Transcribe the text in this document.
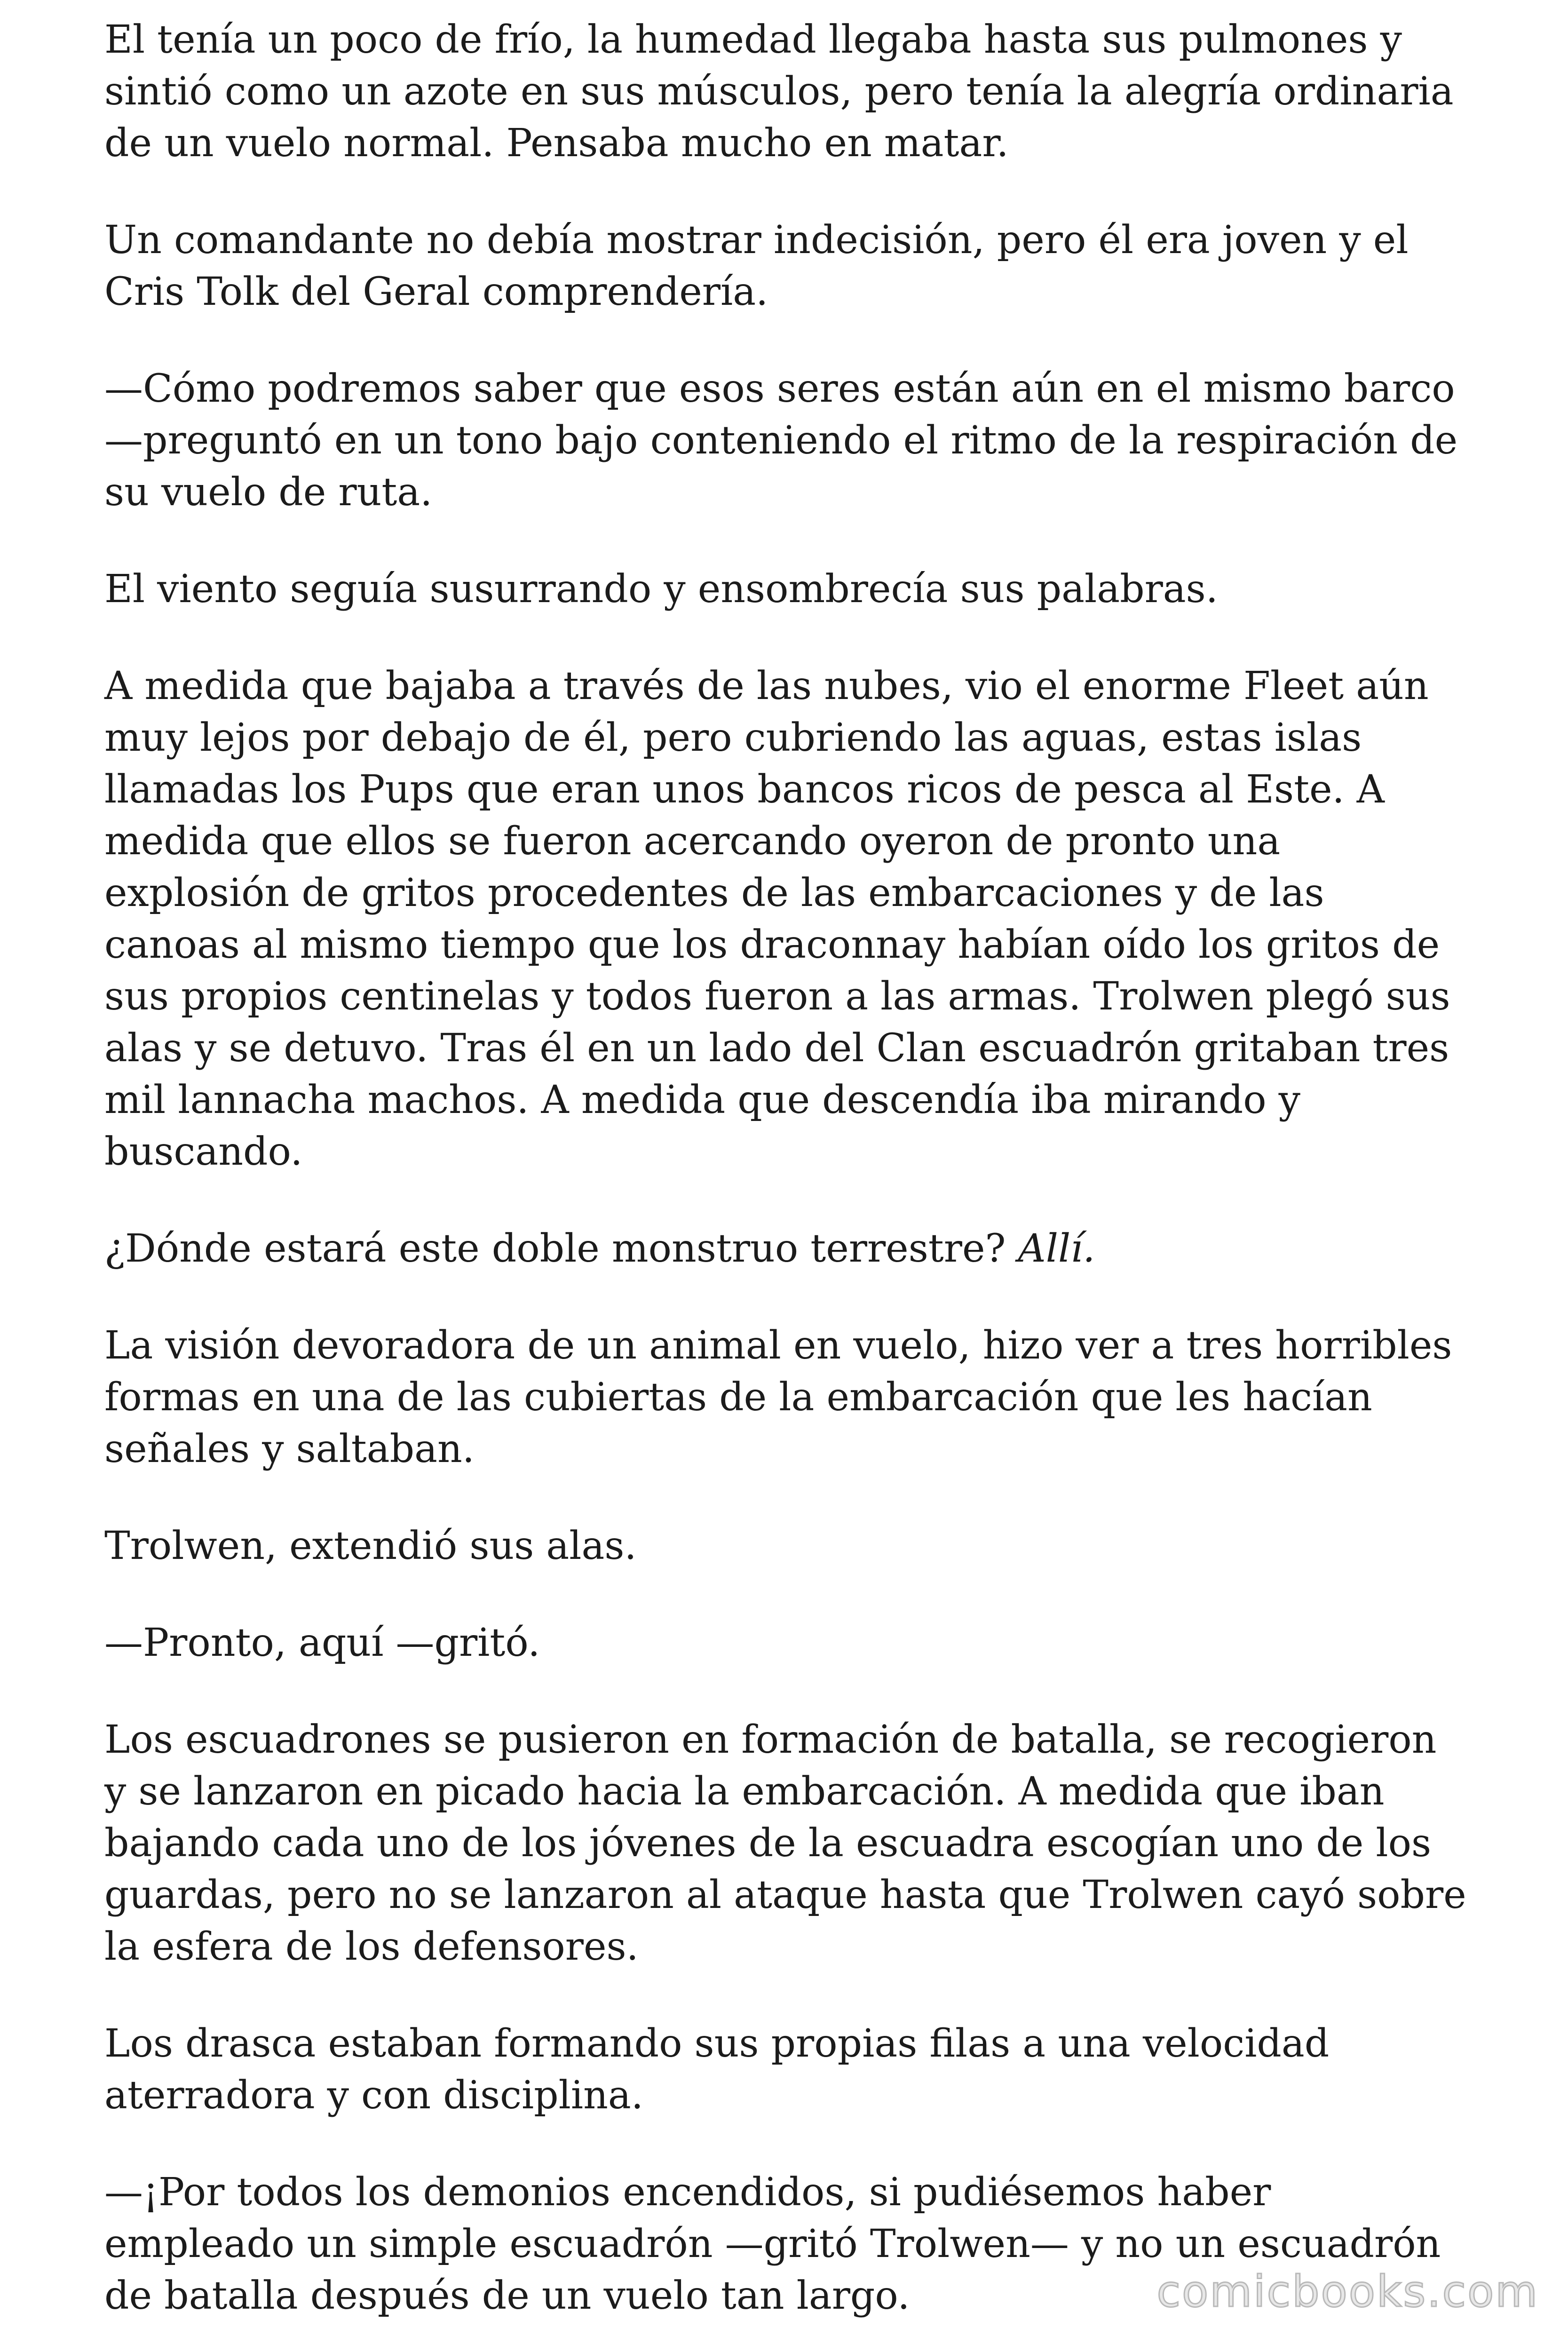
El tenía un poco de frío, la humedad llegaba hasta sus pulmones y sintió como un azote en sus músculos, pero tenía la alegría ordinaria de un vuelo normal. Pensaba mucho en matar.

Un comandante no debía mostrar indecisión, pero él era joven y el Cris Tolk del Geral comprendería.

—Cómo podremos saber que esos seres están aún en el mismo barco —preguntó en un tono bajo conteniendo el ritmo de la respiración de su vuelo de ruta.

El viento seguía susurrando y ensombrecía sus palabras.

A medida que bajaba a través de las nubes, vio el enorme Fleet aún muy lejos por debajo de él, pero cubriendo las aguas, estas islas llamadas los Pups que eran unos bancos ricos de pesca al Este. A medida que ellos se fueron acercando oyeron de pronto una explosión de gritos procedentes de las embarcaciones y de las canoas al mismo tiempo que los draconnay habían oído los gritos de sus propios centinelas y todos fueron a las armas. Trolwen plegó sus alas y se detuvo. Tras él en un lado del Clan escuadrón gritaban tres mil lannacha machos. A medida que descendía iba mirando y buscando.

¿Dónde estará este doble monstruo terrestre? Allí.

La visión devoradora de un animal en vuelo, hizo ver a tres horribles formas en una de las cubiertas de la embarcación que les hacían señales y saltaban.

Trolwen, extendió sus alas.

—Pronto, aquí —gritó.

Los escuadrones se pusieron en formación de batalla, se recogieron y se lanzaron en picado hacia la embarcación. A medida que iban bajando cada uno de los jóvenes de la escuadra escogían uno de los guardas, pero no se lanzaron al ataque hasta que Trolwen cayó sobre la esfera de los defensores.

Los drasca estaban formando sus propias filas a una velocidad aterradora y con disciplina.

—¡Por todos los demonios encendidos, si pudiésemos haber empleado un simple escuadrón —gritó Trolwen— y no un escuadrón de batalla después de un vuelo tan largo.	comicbooks.com
